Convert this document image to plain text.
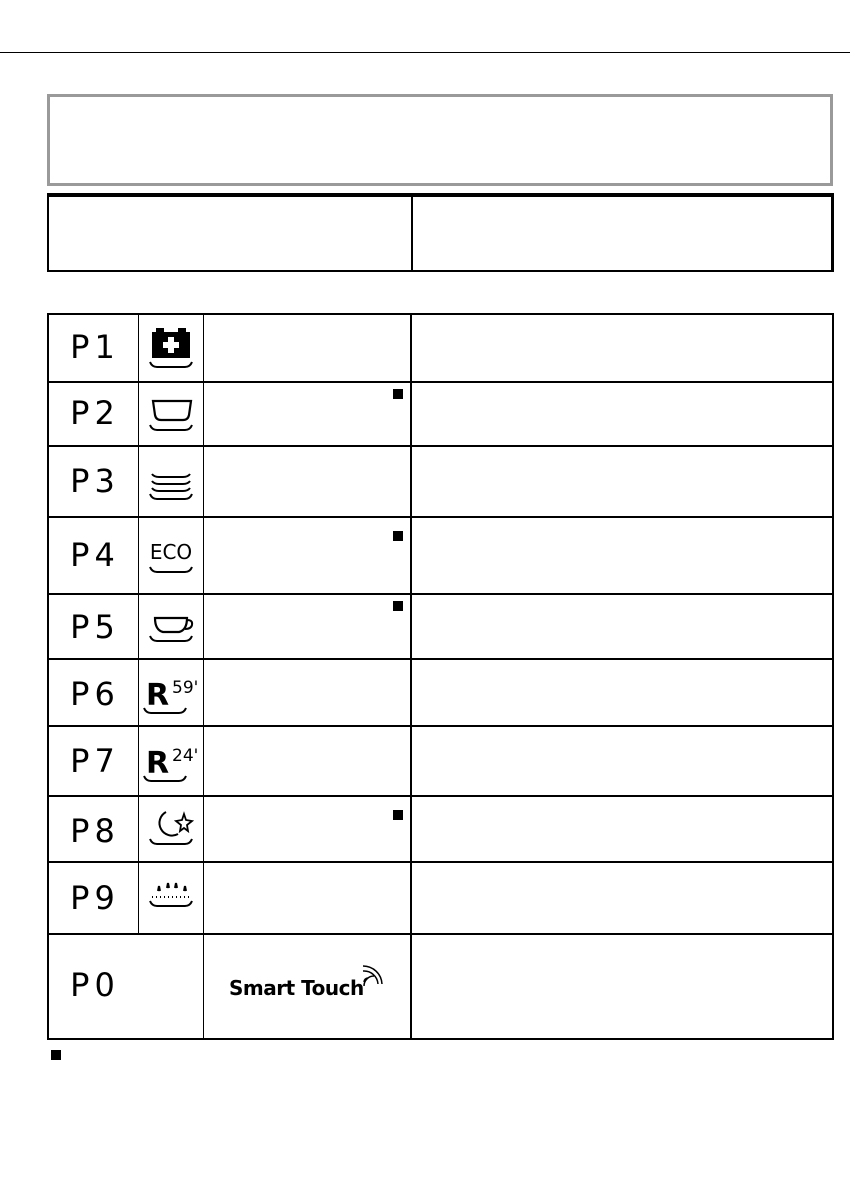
P1
P2
P3
P4
P5
P6
P7
P8
P9
P0
ECO
R 59'
R 24'
Smart Touch
